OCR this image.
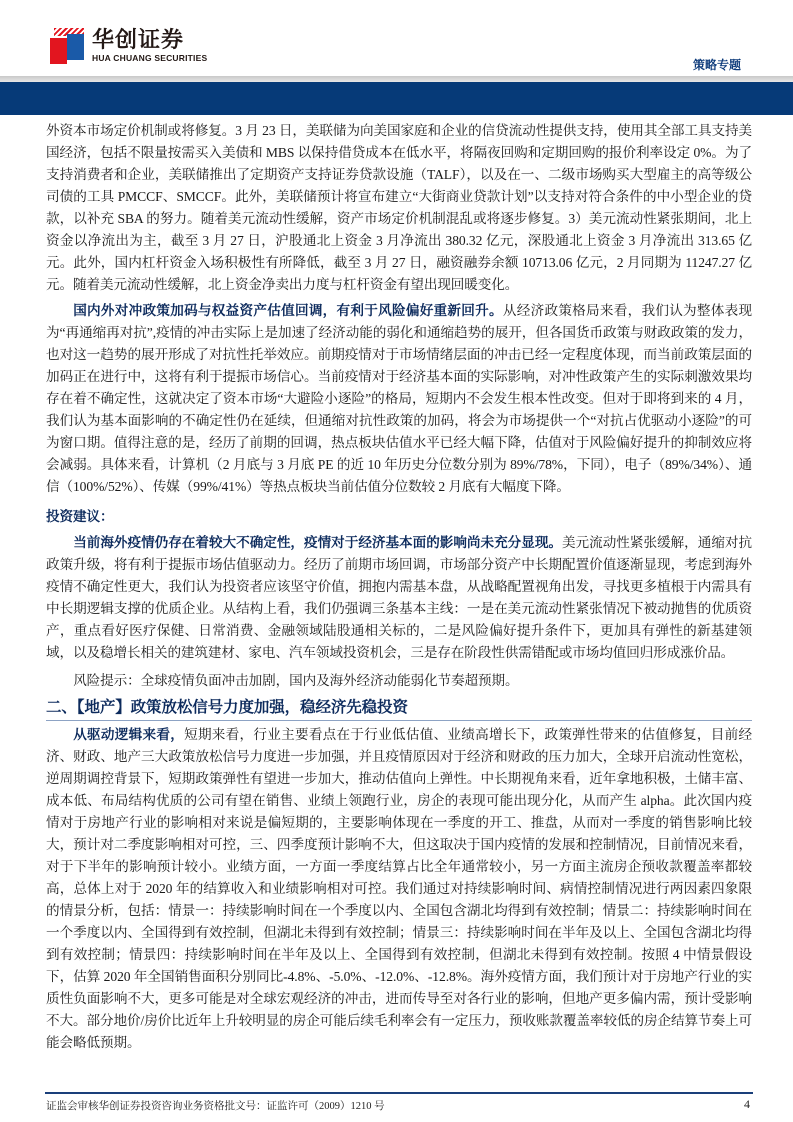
华创证券
HUA CHUANG SECURITIES	策略专题

外资本市场定价机制或将修复。3 月 23 日，美联储为向美国家庭和企业的信贷流动性提供支持，使用其全部工具支持美国经济，包括不限量按需买入美债和 MBS 以保持借贷成本在低水平，将隔夜回购和定期回购的报价利率设定 0%。为了支持消费者和企业，美联储推出了定期资产支持证券贷款设施（TALF），以及在一、二级市场购买大型雇主的高等级公司债的工具 PMCCF、SMCCF。此外，美联储预计将宣布建立“大街商业贷款计划”以支持对符合条件的中小型企业的贷款，以补充 SBA 的努力。随着美元流动性缓解，资产市场定价机制混乱或将逐步修复。3）美元流动性紧张期间，北上资金以净流出为主，截至 3 月 27 日，沪股通北上资金 3 月净流出 380.32 亿元，深股通北上资金 3 月净流出 313.65 亿元。此外，国内杠杆资金入场积极性有所降低，截至 3 月 27 日，融资融券余额 10713.06 亿元，2 月同期为 11247.27 亿元。随着美元流动性缓解，北上资金净卖出力度与杠杆资金有望出现回暖变化。

国内外对冲政策加码与权益资产估值回调，有利于风险偏好重新回升。从经济政策格局来看，我们认为整体表现为“再通缩再对抗”,疫情的冲击实际上是加速了经济动能的弱化和通缩趋势的展开，但各国货币政策与财政政策的发力，也对这一趋势的展开形成了对抗性托举效应。前期疫情对于市场情绪层面的冲击已经一定程度体现，而当前政策层面的加码正在进行中，这将有利于提振市场信心。当前疫情对于经济基本面的实际影响，对冲性政策产生的实际刺激效果均存在着不确定性，这就决定了资本市场“大避险小逐险”的格局，短期内不会发生根本性改变。但对于即将到来的 4 月，我们认为基本面影响的不确定性仍在延续，但通缩对抗性政策的加码，将会为市场提供一个“对抗占优驱动小逐险”的可为窗口期。值得注意的是，经历了前期的回调，热点板块估值水平已经大幅下降，估值对于风险偏好提升的抑制效应将会减弱。具体来看，计算机（2 月底与 3 月底 PE 的近 10 年历史分位数分别为 89%/78%，下同），电子（89%/34%）、通信（100%/52%）、传媒（99%/41%）等热点板块当前估值分位数较 2 月底有大幅度下降。

投资建议：

当前海外疫情仍存在着较大不确定性，疫情对于经济基本面的影响尚未充分显现。美元流动性紧张缓解，通缩对抗政策升级，将有利于提振市场估值驱动力。经历了前期市场回调，市场部分资产中长期配置价值逐渐显现，考虑到海外疫情不确定性更大，我们认为投资者应该坚守价值，拥抱内需基本盘，从战略配置视角出发，寻找更多植根于内需具有中长期逻辑支撑的优质企业。从结构上看，我们仍强调三条基本主线：一是在美元流动性紧张情况下被动抛售的优质资产，重点看好医疗保健、日常消费、金融领域陆股通相关标的，二是风险偏好提升条件下，更加具有弹性的新基建领域，以及稳增长相关的建筑建材、家电、汽车领域投资机会，三是存在阶段性供需错配或市场均值回归形成涨价品。

风险提示：全球疫情负面冲击加剧，国内及海外经济动能弱化节奏超预期。

二、【地产】政策放松信号力度加强，稳经济先稳投资

从驱动逻辑来看，短期来看，行业主要看点在于行业低估值、业绩高增长下，政策弹性带来的估值修复，目前经济、财政、地产三大政策放松信号力度进一步加强，并且疫情原因对于经济和财政的压力加大，全球开启流动性宽松，逆周期调控背景下，短期政策弹性有望进一步加大，推动估值向上弹性。中长期视角来看，近年拿地积极，土储丰富、成本低、布局结构优质的公司有望在销售、业绩上领跑行业，房企的表现可能出现分化，从而产生 alpha。此次国内疫情对于房地产行业的影响相对来说是偏短期的，主要影响体现在一季度的开工、推盘，从而对一季度的销售影响比较大，预计对二季度影响相对可控，三、四季度预计影响不大，但这取决于国内疫情的发展和控制情况，目前情况来看，对于下半年的影响预计较小。业绩方面，一方面一季度结算占比全年通常较小，另一方面主流房企预收款覆盖率都较高，总体上对于 2020 年的结算收入和业绩影响相对可控。我们通过对持续影响时间、病情控制情况进行两因素四象限的情景分析，包括：情景一：持续影响时间在一个季度以内、全国包含湖北均得到有效控制；情景二：持续影响时间在一个季度以内、全国得到有效控制，但湖北未得到有效控制；情景三：持续影响时间在半年及以上、全国包含湖北均得到有效控制；情景四：持续影响时间在半年及以上、全国得到有效控制，但湖北未得到有效控制。按照 4 中情景假设下，估算 2020 年全国销售面积分别同比-4.8%、-5.0%、-12.0%、-12.8%。海外疫情方面，我们预计对于房地产行业的实质性负面影响不大，更多可能是对全球宏观经济的冲击，进而传导至对各行业的影响，但地产更多偏内需，预计受影响不大。部分地价/房价比近年上升较明显的房企可能后续毛利率会有一定压力，预收账款覆盖率较低的房企结算节奏上可能会略低预期。

证监会审核华创证券投资咨询业务资格批文号：证监许可（2009）1210 号	4
